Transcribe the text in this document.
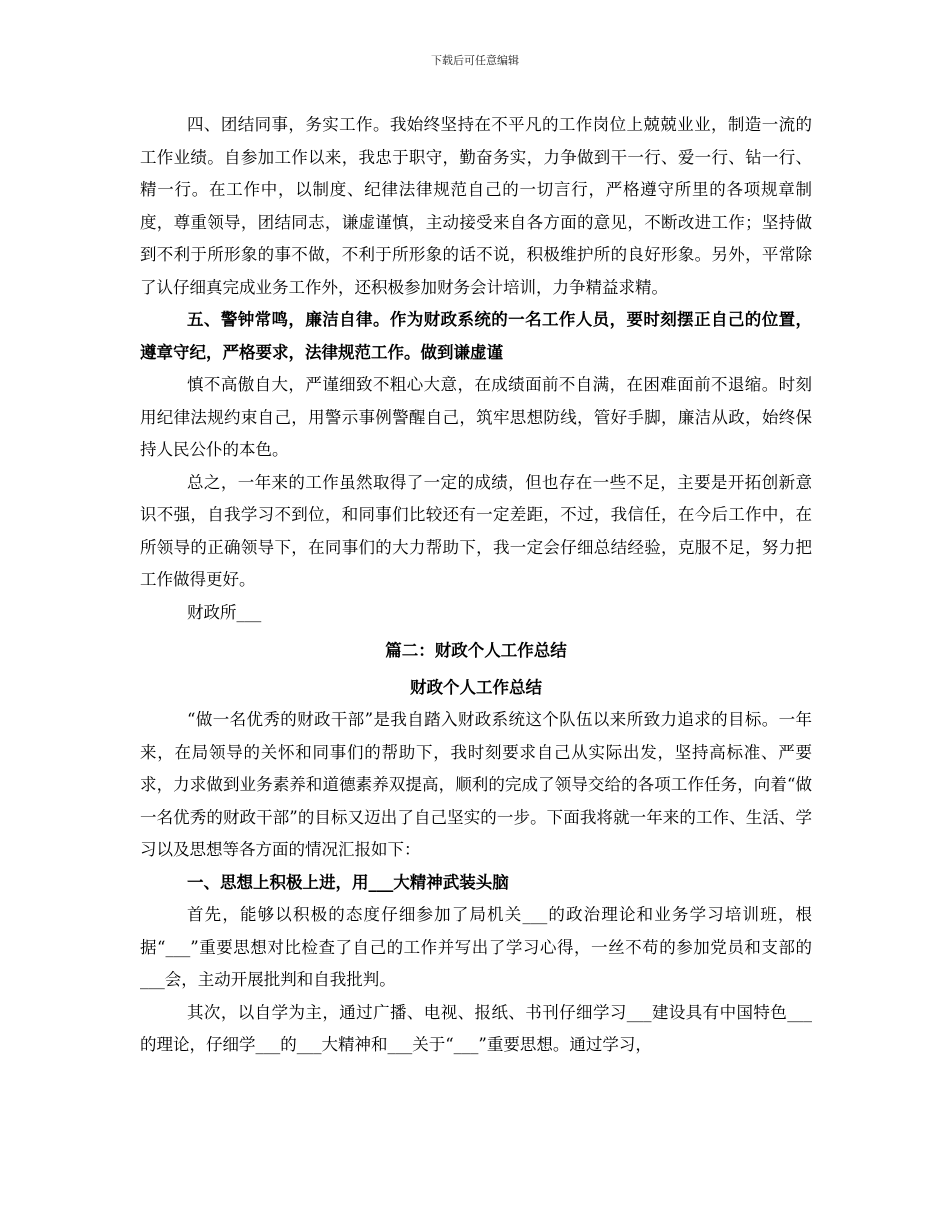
下载后可任意编辑

四、团结同事，务实工作。我始终坚持在不平凡的工作岗位上兢兢业业，制造一流的工作业绩。自参加工作以来，我忠于职守，勤奋务实，力争做到干一行、爱一行、钻一行、精一行。在工作中，以制度、纪律法律规范自己的一切言行，严格遵守所里的各项规章制度，尊重领导，团结同志，谦虚谨慎，主动接受来自各方面的意见，不断改进工作；坚持做到不利于所形象的事不做，不利于所形象的话不说，积极维护所的良好形象。另外，平常除了认仔细真完成业务工作外，还积极参加财务会计培训，力争精益求精。

五、警钟常鸣，廉洁自律。作为财政系统的一名工作人员，要时刻摆正自己的位置，遵章守纪，严格要求，法律规范工作。做到谦虚谨

慎不高傲自大，严谨细致不粗心大意，在成绩面前不自满，在困难面前不退缩。时刻用纪律法规约束自己，用警示事例警醒自己，筑牢思想防线，管好手脚，廉洁从政，始终保持人民公仆的本色。

总之，一年来的工作虽然取得了一定的成绩，但也存在一些不足，主要是开拓创新意识不强，自我学习不到位，和同事们比较还有一定差距，不过，我信任，在今后工作中，在所领导的正确领导下，在同事们的大力帮助下，我一定会仔细总结经验，克服不足，努力把工作做得更好。

财政所___

篇二：财政个人工作总结

财政个人工作总结

“做一名优秀的财政干部”是我自踏入财政系统这个队伍以来所致力追求的目标。一年来，在局领导的关怀和同事们的帮助下，我时刻要求自己从实际出发，坚持高标准、严要求，力求做到业务素养和道德素养双提高，顺利的完成了领导交给的各项工作任务，向着“做一名优秀的财政干部”的目标又迈出了自己坚实的一步。下面我将就一年来的工作、生活、学习以及思想等各方面的情况汇报如下：

一、思想上积极上进，用___大精神武装头脑

首先，能够以积极的态度仔细参加了局机关___的政治理论和业务学习培训班，根据“___”重要思想对比检查了自己的工作并写出了学习心得，一丝不苟的参加党员和支部的___会，主动开展批判和自我批判。

其次，以自学为主，通过广播、电视、报纸、书刊仔细学习___建设具有中国特色___的理论，仔细学___的___大精神和___关于“___”重要思想。通过学习，
